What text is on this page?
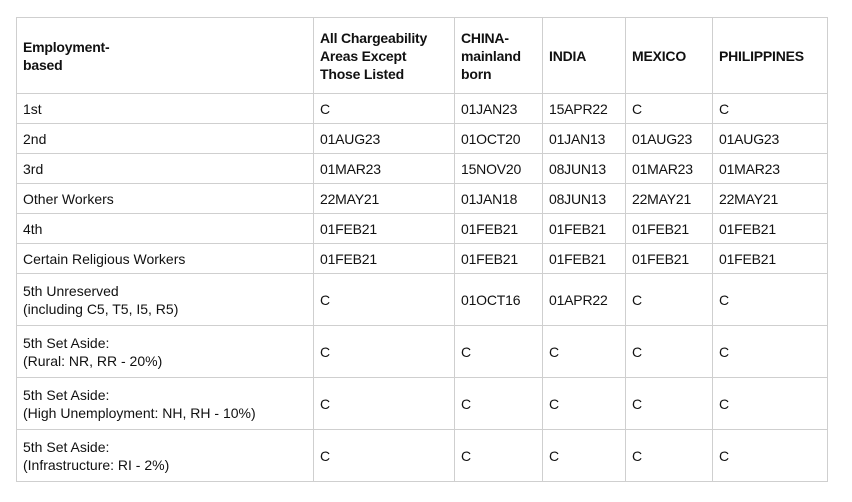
Employment-
based	All Chargeability
Areas Except
Those Listed	CHINA-
mainland
born	INDIA	MEXICO	PHILIPPINES

1st	C	01JAN23	15APR22	C	C

2nd	01AUG23	01OCT20	01JAN13	01AUG23	01AUG23

3rd	01MAR23	15NOV20	08JUN13	01MAR23	01MAR23

Other Workers	22MAY21	01JAN18	08JUN13	22MAY21	22MAY21

4th	01FEB21	01FEB21	01FEB21	01FEB21	01FEB21

Certain Religious Workers	01FEB21	01FEB21	01FEB21	01FEB21	01FEB21

5th Unreserved
(including C5, T5, I5, R5)	C	01OCT16	01APR22	C	C

5th Set Aside:
(Rural: NR, RR - 20%)	C	C	C	C	C

5th Set Aside:
(High Unemployment: NH, RH - 10%)	C	C	C	C	C

5th Set Aside:
(Infrastructure: RI - 2%)	C	C	C	C	C
